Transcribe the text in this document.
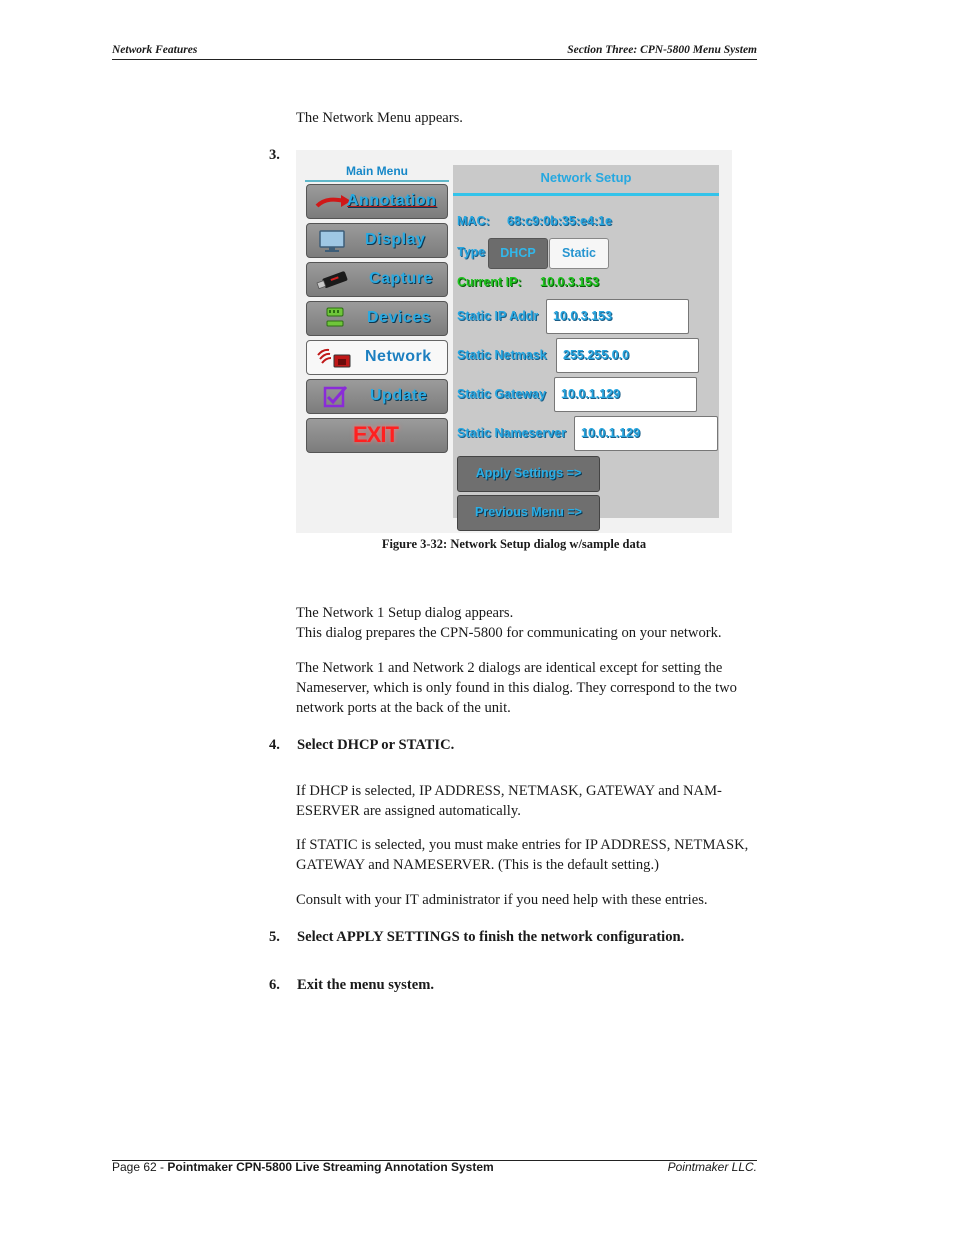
Network Features	Section Three: CPN-5800 Menu System
The Network Menu appears.
3.
Main Menu
Annotation
Display
Capture
Devices
Network
Update
EXIT
Network Setup
MAC: 68:c9:0b:35:e4:1e
Type	DHCP	Static
Current IP: 10.0.3.153
Static IP Addr 10.0.3.153
Static Netmask 255.255.0.0
Static Gateway 10.0.1.129
Static Nameserver 10.0.1.129
Apply Settings =>
Previous Menu =>
Figure 3-32: Network Setup dialog w/sample data
The Network 1 Setup dialog appears.
This dialog prepares the CPN-5800 for communicating on your network.
The Network 1 and Network 2 dialogs are identical except for setting the Nameserver, which is only found in this dialog. They correspond to the two network ports at the back of the unit.
4. Select DHCP or STATIC.
If DHCP is selected, IP ADDRESS, NETMASK, GATEWAY and NAM-ESERVER are assigned automatically.
If STATIC is selected, you must make entries for IP ADDRESS, NETMASK, GATEWAY and NAMESERVER. (This is the default setting.)
Consult with your IT administrator if you need help with these entries.
5. Select APPLY SETTINGS to finish the network configuration.
6. Exit the menu system.
Page 62 - Pointmaker CPN-5800 Live Streaming Annotation System	Pointmaker LLC.
